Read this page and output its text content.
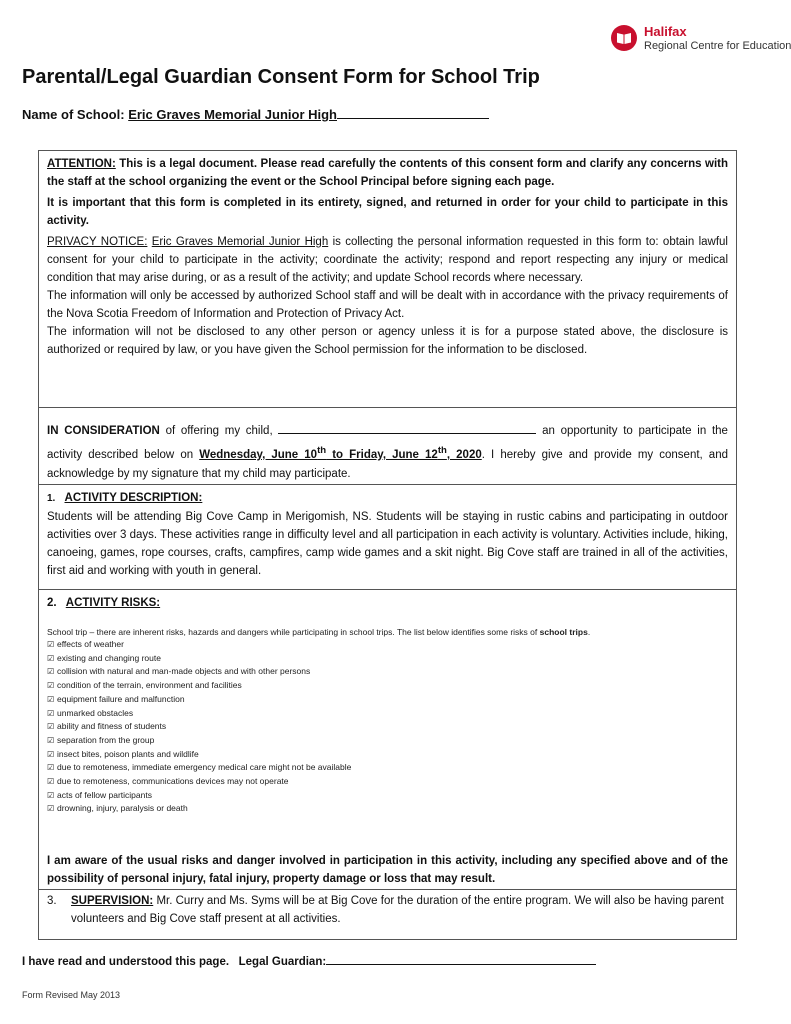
Halifax
Regional Centre for Education
Parental/Legal Guardian Consent Form for School Trip
Name of School: Eric Graves Memorial Junior High

ATTENTION: This is a legal document. Please read carefully the contents of this consent form and clarify any concerns with the staff at the school organizing the event or the School Principal before signing each page.

It is important that this form is completed in its entirety, signed, and returned in order for your child to participate in this activity.

PRIVACY NOTICE: Eric Graves Memorial Junior High is collecting the personal information requested in this form to: obtain lawful consent for your child to participate in the activity; coordinate the activity; respond and report respecting any injury or medical condition that may arise during, or as a result of the activity; and update School records where necessary.

The information will only be accessed by authorized School staff and will be dealt with in accordance with the privacy requirements of the Nova Scotia Freedom of Information and Protection of Privacy Act.

The information will not be disclosed to any other person or agency unless it is for a purpose stated above, the disclosure is authorized or required by law, or you have given the School permission for the information to be disclosed.

IN CONSIDERATION of offering my child,	an opportunity to participate in the activity described below on Wednesday, June 10th to Friday, June 12th, 2020. I hereby give and provide my consent, and acknowledge by my signature that my child may participate.

1. ACTIVITY DESCRIPTION:

Students will be attending Big Cove Camp in Merigomish, NS. Students will be staying in rustic cabins and participating in outdoor activities over 3 days. These activities range in difficulty level and all participation in each activity is voluntary. Activities include, hiking, canoeing, games, rope courses, crafts, campfires, camp wide games and a skit night. Big Cove staff are trained in all of the activities, first aid and working with youth in general.

2. ACTIVITY RISKS:

School trip – there are inherent risks, hazards and dangers while participating in school trips. The list below identifies some risks of school trips.

☑ effects of weather
☑ existing and changing route
☑ collision with natural and man-made objects and with other persons
☑ condition of the terrain, environment and facilities
☑ equipment failure and malfunction
☑ unmarked obstacles
☑ ability and fitness of students
☑ separation from the group
☑ insect bites, poison plants and wildlife
☑ due to remoteness, immediate emergency medical care might not be available
☑ due to remoteness, communications devices may not operate
☑ acts of fellow participants
☑ drowning, injury, paralysis or death

I am aware of the usual risks and danger involved in participation in this activity, including any specified above and of the possibility of personal injury, fatal injury, property damage or loss that may result.

3.	SUPERVISION: Mr. Curry and Ms. Syms will be at Big Cove for the duration of the entire program. We will also be having parent volunteers and Big Cove staff present at all activities.

I have read and understood this page. Legal Guardian:
Form Revised May 2013
